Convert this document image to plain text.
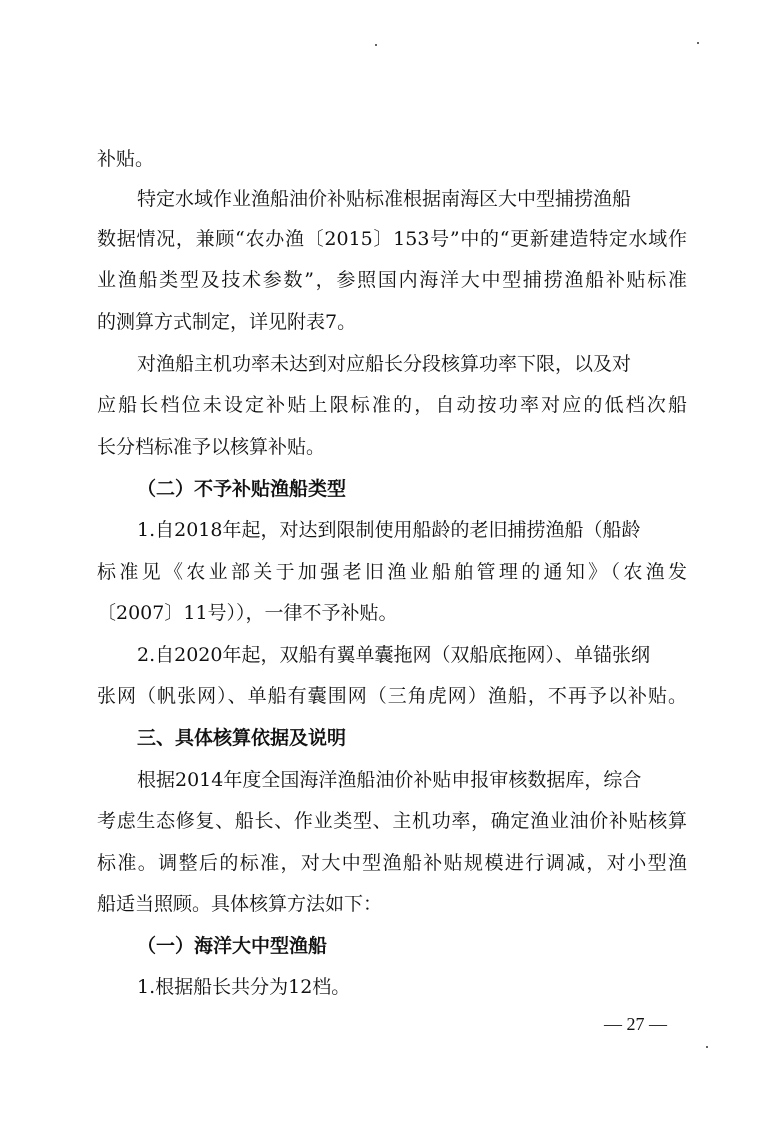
补贴。
特定水域作业渔船油价补贴标准根据南海区大中型捕捞渔船
数据情况，兼顾“农办渔〔2015〕153号”中的“更新建造特定水域作
业渔船类型及技术参数”，参照国内海洋大中型捕捞渔船补贴标准
的测算方式制定，详见附表7。
对渔船主机功率未达到对应船长分段核算功率下限，以及对
应船长档位未设定补贴上限标准的，自动按功率对应的低档次船
长分档标准予以核算补贴。
（二）不予补贴渔船类型
1.自2018年起，对达到限制使用船龄的老旧捕捞渔船（船龄
标准见《农业部关于加强老旧渔业船舶管理的通知》（农渔发
〔2007〕11号）），一律不予补贴。
2.自2020年起，双船有翼单囊拖网（双船底拖网）、单锚张纲
张网（帆张网）、单船有囊围网（三角虎网）渔船，不再予以补贴。
三、具体核算依据及说明
根据2014年度全国海洋渔船油价补贴申报审核数据库，综合
考虑生态修复、船长、作业类型、主机功率，确定渔业油价补贴核算
标准。调整后的标准，对大中型渔船补贴规模进行调减，对小型渔
船适当照顾。具体核算方法如下：
（一）海洋大中型渔船
1.根据船长共分为12档。
— 27 —
